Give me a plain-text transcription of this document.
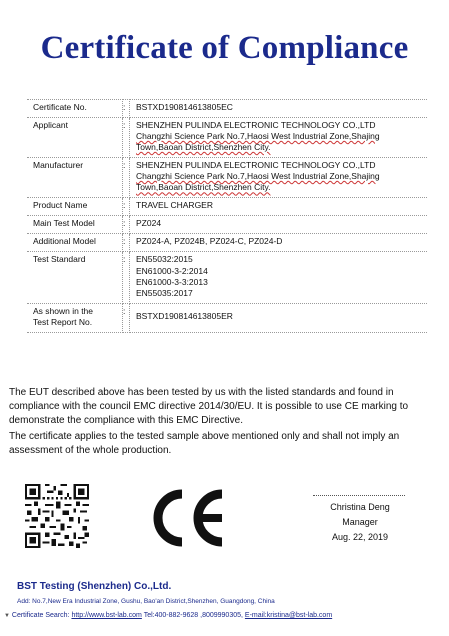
Certificate of Compliance
Certificate No.	:	BSTXD190814613805EC

Applicant	:	SHENZHEN PULINDA ELECTRONIC TECHNOLOGY CO.,LTD
Changzhi Science Park No.7,Haosi West Industrial Zone,Shajing
Town,Baoan District,Shenzhen City.

Manufacturer	:	SHENZHEN PULINDA ELECTRONIC TECHNOLOGY CO.,LTD
Changzhi Science Park No.7,Haosi West Industrial Zone,Shajing
Town,Baoan District,Shenzhen City.

Product Name	:	TRAVEL CHARGER

Main Test Model	:	PZ024

Additional Model	:	PZ024-A, PZ024B, PZ024-C, PZ024-D

Test Standard	:	EN55032:2015
EN61000-3-2:2014
EN61000-3-3:2013
EN55035:2017

As shown in the
Test Report No.	:	BSTXD190814613805ER
The EUT described above has been tested by us with the listed standards and found in compliance with the council EMC directive 2014/30/EU. It is possible to use CE marking to demonstrate the compliance with this EMC Directive.
The certificate applies to the tested sample above mentioned only and shall not imply an assessment of the whole production.
Christina Deng
Manager
Aug. 22, 2019
BST Testing (Shenzhen) Co.,Ltd.
Add: No.7,New Era Industrial Zone, Gushu, Bao'an District,Shenzhen, Guangdong, China
▼ Certificate Search: http://www.bst-lab.com Tel:400-882-9628 ,8009990305, E-mail:kristina@bst-lab.com
